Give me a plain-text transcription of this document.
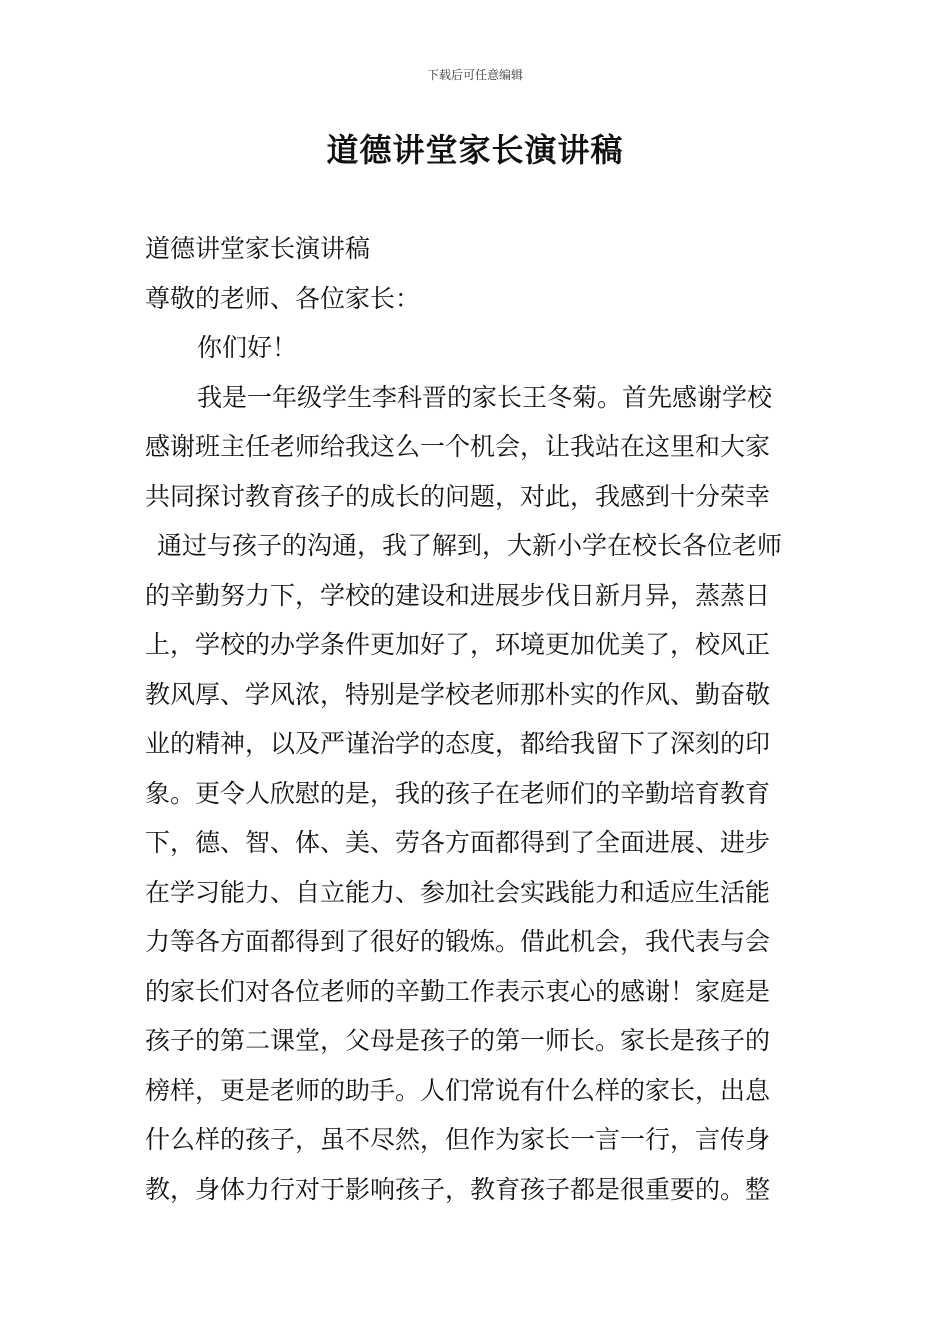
下载后可任意编辑
道德讲堂家长演讲稿
道德讲堂家长演讲稿
尊敬的老师、各位家长：
你们好！
我是一年级学生李科晋的家长王冬菊。首先感谢学校
感谢班主任老师给我这么一个机会，让我站在这里和大家
共同探讨教育孩子的成长的问题，对此，我感到十分荣幸
通过与孩子的沟通，我了解到，大新小学在校长各位老师
的辛勤努力下，学校的建设和进展步伐日新月异，蒸蒸日
上，学校的办学条件更加好了，环境更加优美了，校风正
教风厚、学风浓，特别是学校老师那朴实的作风、勤奋敬
业的精神，以及严谨治学的态度，都给我留下了深刻的印
象。更令人欣慰的是，我的孩子在老师们的辛勤培育教育
下，德、智、体、美、劳各方面都得到了全面进展、进步
在学习能力、自立能力、参加社会实践能力和适应生活能
力等各方面都得到了很好的锻炼。借此机会，我代表与会
的家长们对各位老师的辛勤工作表示衷心的感谢！家庭是
孩子的第二课堂，父母是孩子的第一师长。家长是孩子的
榜样，更是老师的助手。人们常说有什么样的家长，出息
什么样的孩子，虽不尽然，但作为家长一言一行，言传身
教，身体力行对于影响孩子，教育孩子都是很重要的。整
